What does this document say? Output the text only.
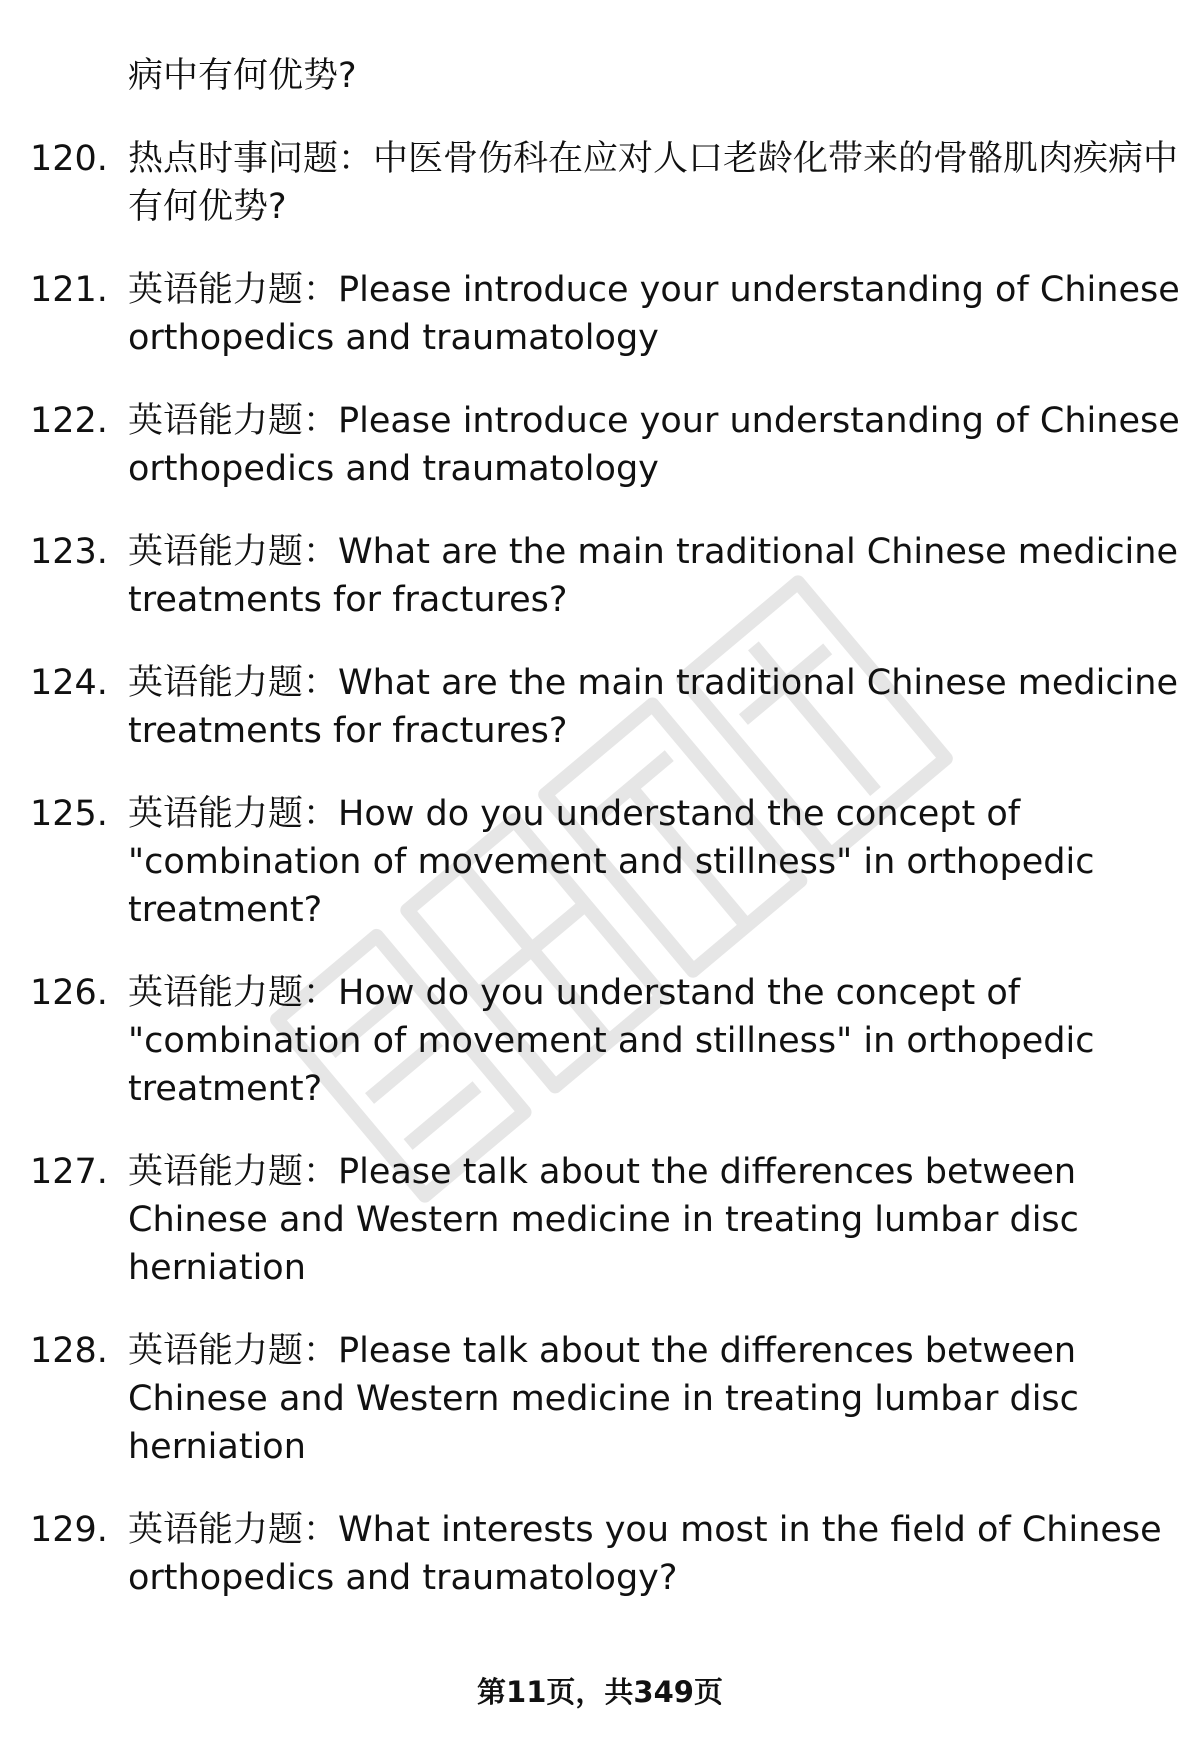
病中有何优势?
120. 热点时事问题：中医骨伤科在应对人口老龄化带来的骨骼肌肉疾病中有何优势?
121. 英语能力题：Please introduce your understanding of Chinese orthopedics and traumatology
122. 英语能力题：Please introduce your understanding of Chinese orthopedics and traumatology
123. 英语能力题：What are the main traditional Chinese medicine treatments for fractures?
124. 英语能力题：What are the main traditional Chinese medicine treatments for fractures?
125. 英语能力题：How do you understand the concept of "combination of movement and stillness" in orthopedic treatment?
126. 英语能力题：How do you understand the concept of "combination of movement and stillness" in orthopedic treatment?
127. 英语能力题：Please talk about the differences between Chinese and Western medicine in treating lumbar disc herniation
128. 英语能力题：Please talk about the differences between Chinese and Western medicine in treating lumbar disc herniation
129. 英语能力题：What interests you most in the field of Chinese orthopedics and traumatology?
第11页，共349页
